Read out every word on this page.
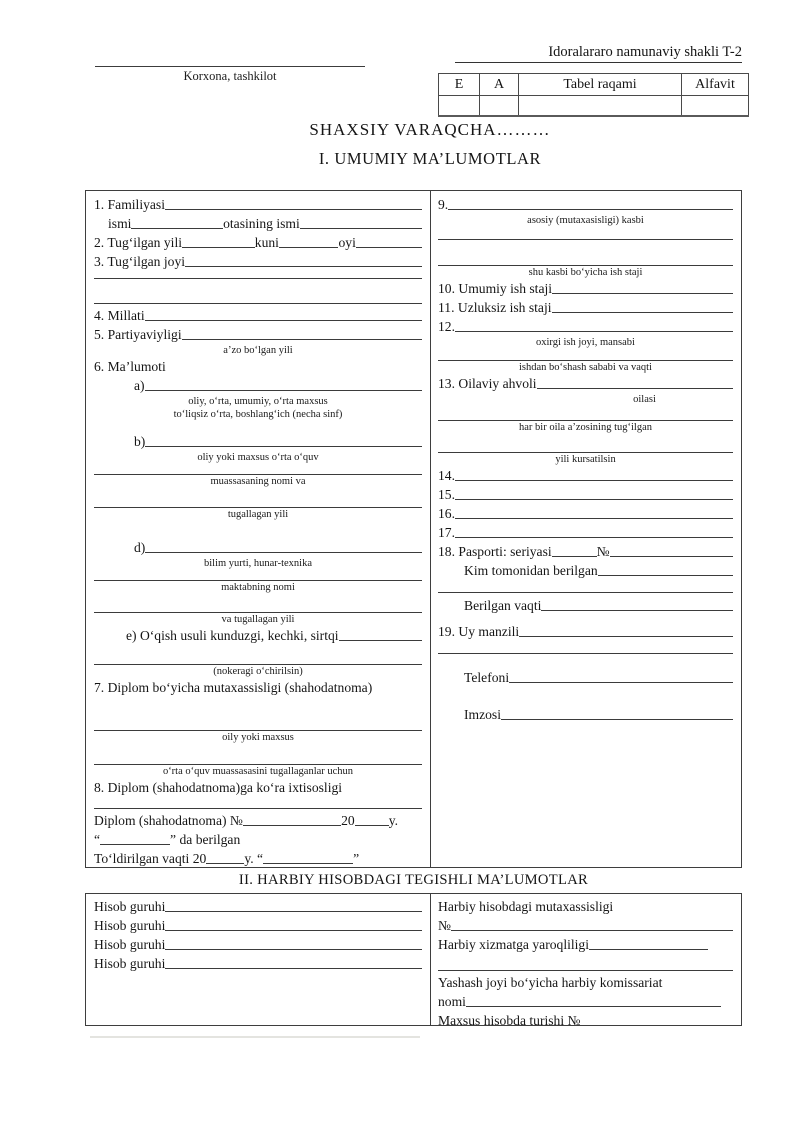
Korxona, tashkilot
Idoralararo namunaviy shakli T-2
E	A	Tabel raqami	Alfavit

SHAXSIY VARAQCHA………
I. UMUMIY MA’LUMOTLAR
1. Familiyasi
ismi	otasining ismi
2. Tug‘ilgan yili	kuni	oyi
3. Tug‘ilgan joyi
4. Millati
5. Partiyaviyligi
a’zo bo‘lgan yili
6. Ma’lumoti
a)
oliy, o‘rta, umumiy, o‘rta maxsus
to‘liqsiz o‘rta, boshlang‘ich (necha sinf)
b)
oliy yoki maxsus o‘rta o‘quv
muassasaning nomi va
tugallagan yili
d)
bilim yurti, hunar-texnika
maktabning nomi
va tugallagan yili
e) O‘qish usuli kunduzgi, kechki, sirtqi
(nokeragi o‘chirilsin)
7. Diplom bo‘yicha mutaxassisligi (shahodatnoma)
oily yoki maxsus
o‘rta o‘quv muassasasini tugallaganlar uchun
8. Diplom (shahodatnoma)ga ko‘ra ixtisosligi
Diplom (shahodatnoma) №	20	y.
“	” da berilgan
To‘ldirilgan vaqti 20	y. “	”
9.
asosiy (mutaxasisligi) kasbi
shu kasbi bo‘yicha ish staji
10. Umumiy ish staji
11. Uzluksiz ish staji
12.
oxirgi ish joyi, mansabi
ishdan bo‘shash sababi va vaqti
13. Oilaviy ahvoli
oilasi
har bir oila a’zosining tug‘ilgan
yili kursatilsin
14.
15.
16.
17.
18. Pasporti: seriyasi	№
Kim tomonidan berilgan
Berilgan vaqti
19. Uy manzili
Telefoni
Imzosi
II. HARBIY HISOBDAGI TEGISHLI MA’LUMOTLAR
Hisob guruhi
Hisob guruhi
Hisob guruhi
Hisob guruhi
Harbiy hisobdagi mutaxassisligi
№
Harbiy xizmatga yaroqliligi
Yashash joyi bo‘yicha harbiy komissariat
nomi
Maxsus hisobda turishi №
